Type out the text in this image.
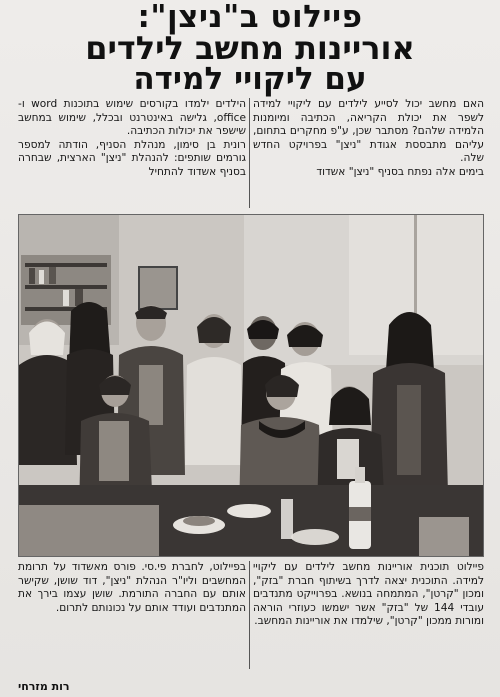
פיילוט ב"ניצן":
אוריינות מחשב לילדים
עם ליקויי למידה

האם מחשב יכול לסייע לילדים עם ליקויי למידה לשפר את יכולת הקריאה, הכתיבה ומיומנות הלמידה שלהם? מסתבר שכן, ע"פ מחקרים בתחום, עליהם מתבססת אגודת "ניצן" בפרויקט החדש שלה.

בימים אלה נפתח בסניף "ניצן" אשדוד

הילדים ילמדו בקורסים שימוש בתוכנות word ו-office, גלישה באינטרנט ובכלל, שימוש במחשב שישפר את יכולות הכתיבה.

רונית בן סימון, מנהלת הסניף, הודתה למספר גורמים שותפים: להנהלת "ניצן" הארצית, שבחרה בסניף אשדוד להתחיל

פיילוט תוכנית אוריינות מחשב לילדים עם ליקויי למידה. התוכנית יצאה לדרך בשיתוף חברת "בזק", ומכון "קרטן", המתמחה בנושא. בפרוייקט מתנדבים עובדי 144 של "בזק" אשר ישמשו כעוזרי הוראה ומורות ממכון "קרטן", שילמדו את אוריינות המחשב.

בפיילוט, לחברת פי.סי. פורס מאשדוד על תרומת המחשבים וליו"ר הנהלת "ניצן", דוד שושן, שקישר אותם עם החברה התורמת. שושן עצמו בירך את המתנדבים ועודד אותם על נכונותם לתרום.

רות מזרחי
